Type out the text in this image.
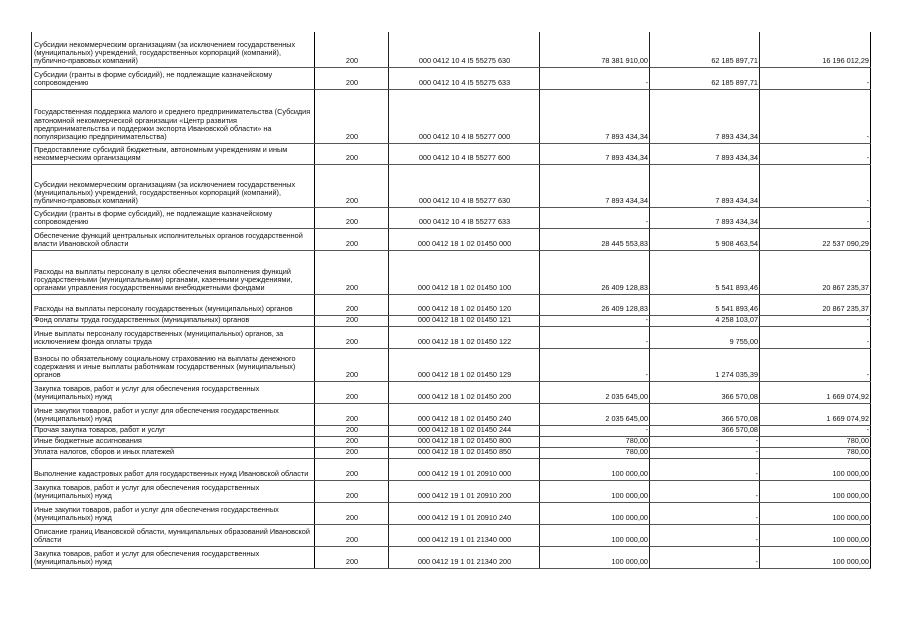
Субсидии некоммерческим организациям (за исключением государственных (муниципальных) учреждений, государственных корпораций (компаний), публично-правовых компаний)	200	000 0412 10 4 I5 55275 630	78 381 910,00	62 185 897,71	16 196 012,29
Субсидии (гранты в форме субсидий), не подлежащие казначейскому сопровождению	200	000 0412 10 4 I5 55275 633	-	62 185 897,71	-
Государственная поддержка малого и среднего предпринимательства (Субсидия автономной некоммерческой организации «Центр развития предпринимательства и поддержки экспорта Ивановской области» на популяризацию предпринимательства)	200	000 0412 10 4 I8 55277 000	7 893 434,34	7 893 434,34	-
Предоставление субсидий бюджетным, автономным учреждениям и иным некоммерческим организациям	200	000 0412 10 4 I8 55277 600	7 893 434,34	7 893 434,34	-
Субсидии некоммерческим организациям (за исключением государственных (муниципальных) учреждений, государственных корпораций (компаний), публично-правовых компаний)	200	000 0412 10 4 I8 55277 630	7 893 434,34	7 893 434,34	-
Субсидии (гранты в форме субсидий), не подлежащие казначейскому сопровождению	200	000 0412 10 4 I8 55277 633	-	7 893 434,34	-
Обеспечение функций центральных исполнительных органов государственной власти Ивановской области	200	000 0412 18 1 02 01450 000	28 445 553,83	5 908 463,54	22 537 090,29
Расходы на выплаты персоналу в целях обеспечения выполнения функций государственными (муниципальными) органами, казенными учреждениями, органами управления государственными внебюджетными фондами	200	000 0412 18 1 02 01450 100	26 409 128,83	5 541 893,46	20 867 235,37
Расходы на выплаты персоналу государственных (муниципальных) органов	200	000 0412 18 1 02 01450 120	26 409 128,83	5 541 893,46	20 867 235,37
Фонд оплаты труда государственных (муниципальных) органов	200	000 0412 18 1 02 01450 121	-	4 258 103,07	-
Иные выплаты персоналу государственных (муниципальных) органов, за исключением фонда оплаты труда	200	000 0412 18 1 02 01450 122	-	9 755,00	-
Взносы по обязательному социальному страхованию на выплаты денежного содержания и иные выплаты работникам государственных (муниципальных) органов	200	000 0412 18 1 02 01450 129	-	1 274 035,39	-
Закупка товаров, работ и услуг для обеспечения государственных (муниципальных) нужд	200	000 0412 18 1 02 01450 200	2 035 645,00	366 570,08	1 669 074,92
Иные закупки товаров, работ и услуг для обеспечения государственных (муниципальных) нужд	200	000 0412 18 1 02 01450 240	2 035 645,00	366 570,08	1 669 074,92
Прочая закупка товаров, работ и услуг	200	000 0412 18 1 02 01450 244	-	366 570,08	-
Иные бюджетные ассигнования	200	000 0412 18 1 02 01450 800	780,00	-	780,00
Уплата налогов, сборов и иных платежей	200	000 0412 18 1 02 01450 850	780,00	-	780,00
Выполнение кадастровых работ для государственных нужд Ивановской области	200	000 0412 19 1 01 20910 000	100 000,00	-	100 000,00
Закупка товаров, работ и услуг для обеспечения государственных (муниципальных) нужд	200	000 0412 19 1 01 20910 200	100 000,00	-	100 000,00
Иные закупки товаров, работ и услуг для обеспечения государственных (муниципальных) нужд	200	000 0412 19 1 01 20910 240	100 000,00	-	100 000,00
Описание границ Ивановской области, муниципальных образований Ивановской области	200	000 0412 19 1 01 21340 000	100 000,00	-	100 000,00
Закупка товаров, работ и услуг для обеспечения государственных (муниципальных) нужд	200	000 0412 19 1 01 21340 200	100 000,00	-	100 000,00
